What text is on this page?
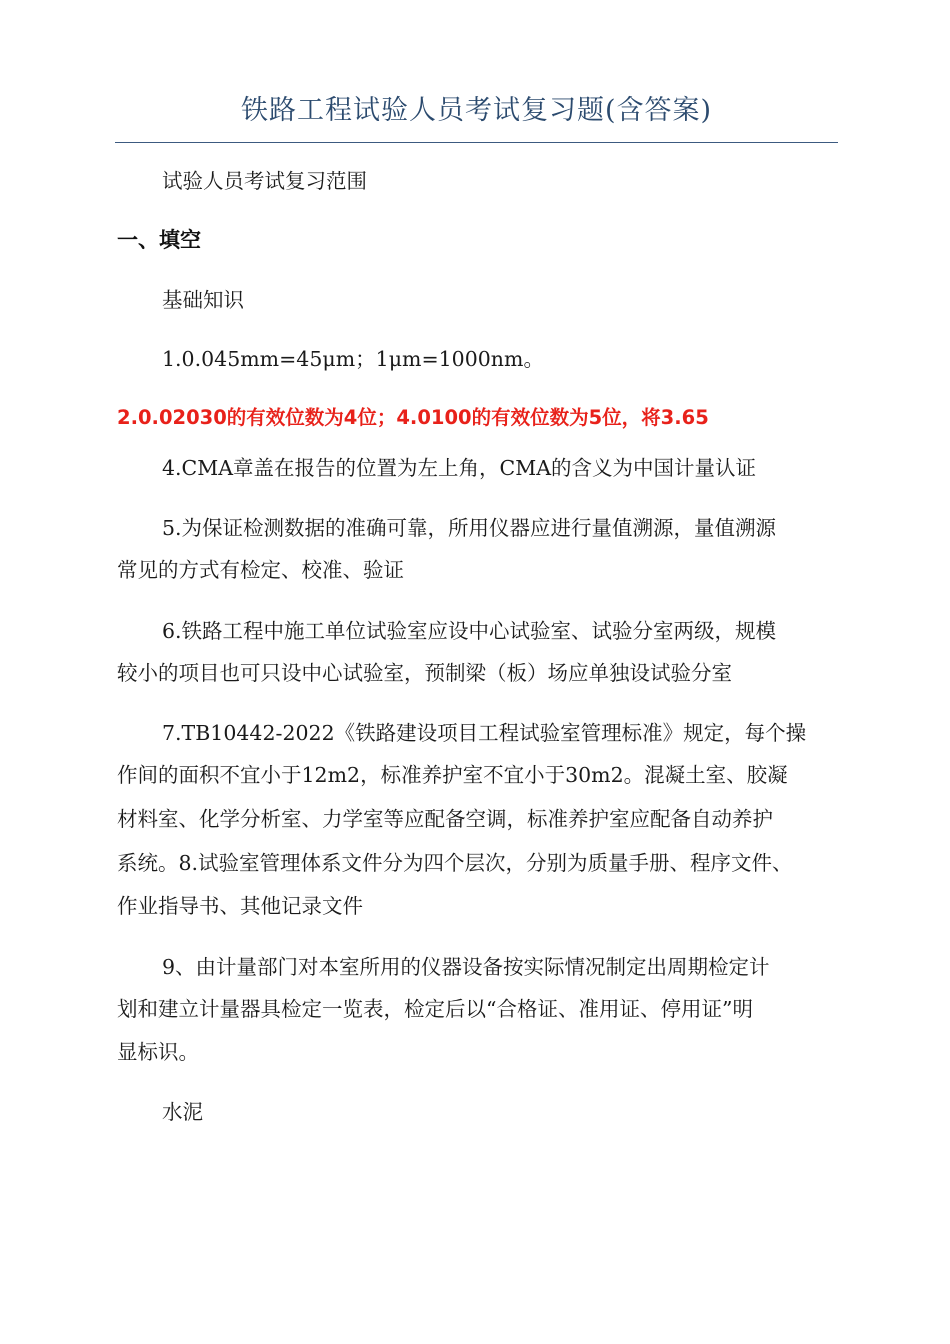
铁路工程试验人员考试复习题(含答案)
试验人员考试复习范围
一、填空
基础知识
1.0.045mm=45μm；1μm=1000nm。
2.0.02030的有效位数为4位；4.0100的有效位数为5位，将3.65
4.CMA章盖在报告的位置为左上角，CMA的含义为中国计量认证
5.为保证检测数据的准确可靠，所用仪器应进行量值溯源，量值溯源
常见的方式有检定、校准、验证
6.铁路工程中施工单位试验室应设中心试验室、试验分室两级，规模
较小的项目也可只设中心试验室，预制梁（板）场应单独设试验分室
7.TB10442-2022《铁路建设项目工程试验室管理标准》规定，每个操
作间的面积不宜小于12m2，标准养护室不宜小于30m2。混凝土室、胶凝
材料室、化学分析室、力学室等应配备空调，标准养护室应配备自动养护
系统。8.试验室管理体系文件分为四个层次，分别为质量手册、程序文件、
作业指导书、其他记录文件
9、由计量部门对本室所用的仪器设备按实际情况制定出周期检定计
划和建立计量器具检定一览表，检定后以“合格证、准用证、停用证”明
显标识。
水泥
